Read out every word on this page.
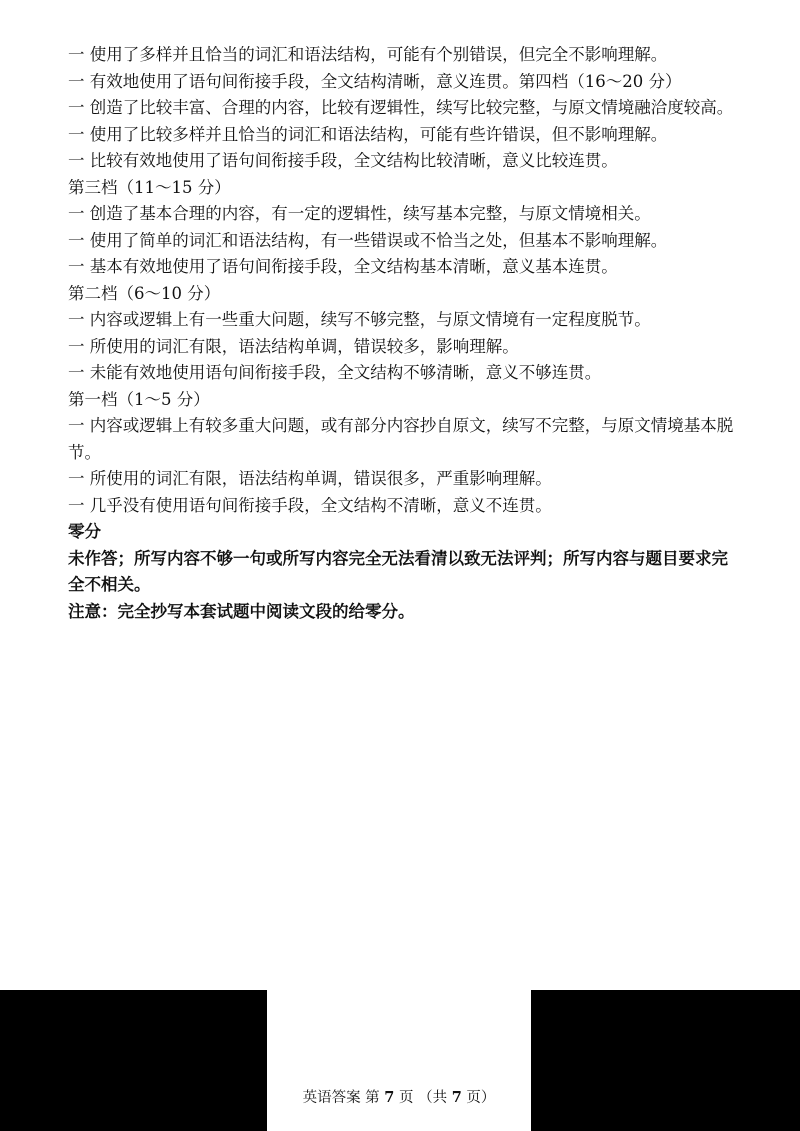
一 使用了多样并且恰当的词汇和语法结构，可能有个别错误，但完全不影响理解。
一 有效地使用了语句间衔接手段，全文结构清晰，意义连贯。第四档（16～20 分）
一 创造了比较丰富、合理的内容，比较有逻辑性，续写比较完整，与原文情境融洽度较高。
一 使用了比较多样并且恰当的词汇和语法结构，可能有些许错误，但不影响理解。
一 比较有效地使用了语句间衔接手段，全文结构比较清晰，意义比较连贯。
第三档（11～15 分）
一 创造了基本合理的内容，有一定的逻辑性，续写基本完整，与原文情境相关。
一 使用了简单的词汇和语法结构，有一些错误或不恰当之处，但基本不影响理解。
一 基本有效地使用了语句间衔接手段，全文结构基本清晰，意义基本连贯。
第二档（6～10 分）
一 内容或逻辑上有一些重大问题，续写不够完整，与原文情境有一定程度脱节。
一 所使用的词汇有限，语法结构单调，错误较多，影响理解。
一 未能有效地使用语句间衔接手段，全文结构不够清晰，意义不够连贯。
第一档（1～5 分）
一 内容或逻辑上有较多重大问题，或有部分内容抄自原文，续写不完整，与原文情境基本脱节。
一 所使用的词汇有限，语法结构单调，错误很多，严重影响理解。
一 几乎没有使用语句间衔接手段，全文结构不清晰，意义不连贯。
零分
未作答；所写内容不够一句或所写内容完全无法看清以致无法评判；所写内容与题目要求完全不相关。
注意：完全抄写本套试题中阅读文段的给零分。
英语答案 第 7 页 （共 7 页）
